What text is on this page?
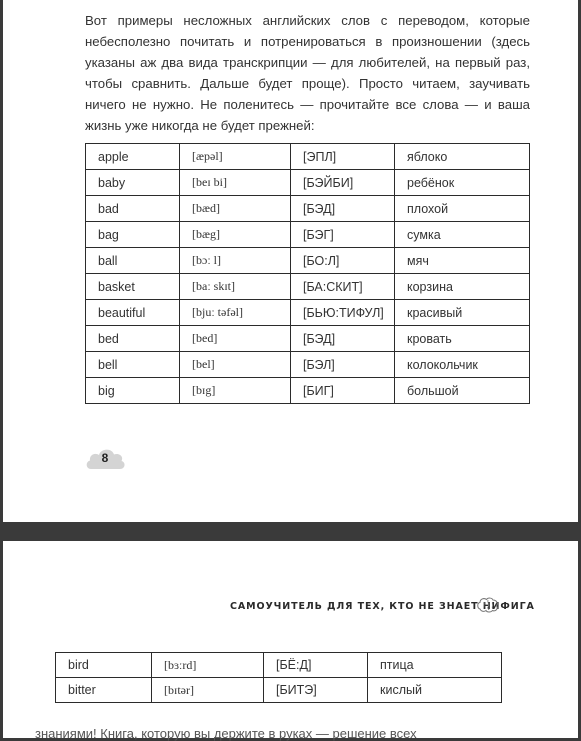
Вот примеры несложных английских слов с переводом, которые небесполезно почитать и потренироваться в произношении (здесь указаны аж два вида транскрипции — для любителей, на первый раз, чтобы сравнить. Дальше будет проще). Просто читаем, заучивать ничего не нужно. Не поленитесь — прочитайте все слова — и ваша жизнь уже никогда не будет прежней:

apple	[æpəl]	[ЭПЛ]	яблоко
baby	[beɪ bi]	[БЭЙБИ]	ребёнок
bad	[bæd]	[БЭД]	плохой
bag	[bæg]	[БЭГ]	сумка
ball	[bɔː l]	[БО:Л]	мяч
basket	[baː skɪt]	[БА:СКИТ]	корзина
beautiful	[bjuː təfəl]	[БЬЮ:ТИФУЛ]	красивый
bed	[bed]	[БЭД]	кровать
bell	[bel]	[БЭЛ]	колокольчик
big	[bɪg]	[БИГ]	большой
8
САМОУЧИТЕЛЬ ДЛЯ ТЕХ, КТО НЕ ЗНАЕТ НИФИГА
bird	[bɜːrd]	[БЁ:Д]	птица
bitter	[bɪtər]	[БИТЭ]	кислый
знаниями! Книга, которую вы держите в руках — решение всех
